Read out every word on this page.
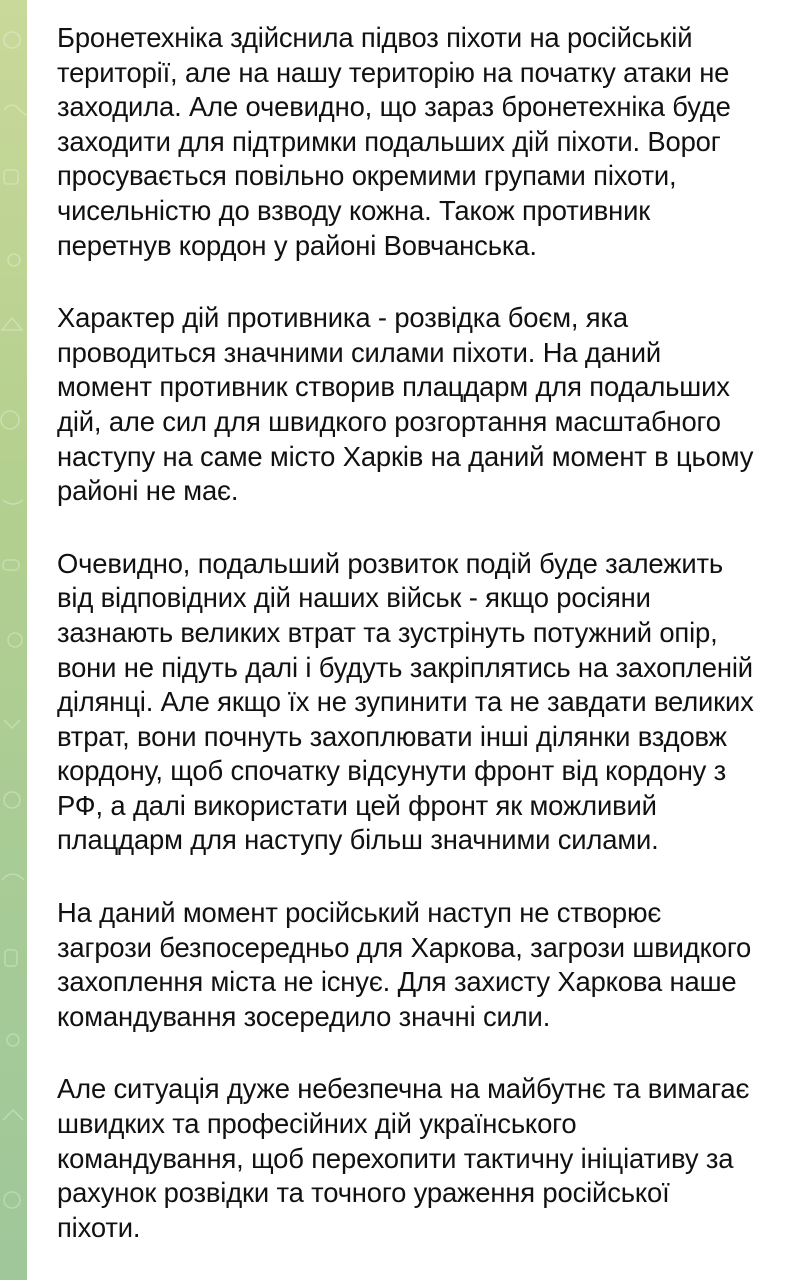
Бронетехніка здійснила підвоз піхоти на російській
території, але на нашу територію на початку атаки не
заходила. Але очевидно, що зараз бронетехніка буде
заходити для підтримки подальших дій піхоти. Ворог
просувається повільно окремими групами піхоти,
чисельністю до взводу кожна. Також противник
перетнув кордон у районі Вовчанська.

Характер дій противника - розвідка боєм, яка
проводиться значними силами піхоти. На даний
момент противник створив плацдарм для подальших
дій, але сил для швидкого розгортання масштабного
наступу на саме місто Харків на даний момент в цьому
районі не має.

Очевидно, подальший розвиток подій буде залежить
від відповідних дій наших військ - якщо росіяни
зазнають великих втрат та зустрінуть потужний опір,
вони не підуть далі і будуть закріплятись на захопленій
ділянці. Але якщо їх не зупинити та не завдати великих
втрат, вони почнуть захоплювати інші ділянки вздовж
кордону, щоб спочатку відсунути фронт від кордону з
РФ, а далі використати цей фронт як можливий
плацдарм для наступу більш значними силами.

На даний момент російський наступ не створює
загрози безпосередньо для Харкова, загрози швидкого
захоплення міста не існує. Для захисту Харкова наше
командування зосередило значні сили.

Але ситуація дуже небезпечна на майбутнє та вимагає
швидких та професійних дій українського
командування, щоб перехопити тактичну ініціативу за
рахунок розвідки та точного ураження російської
піхоти.
